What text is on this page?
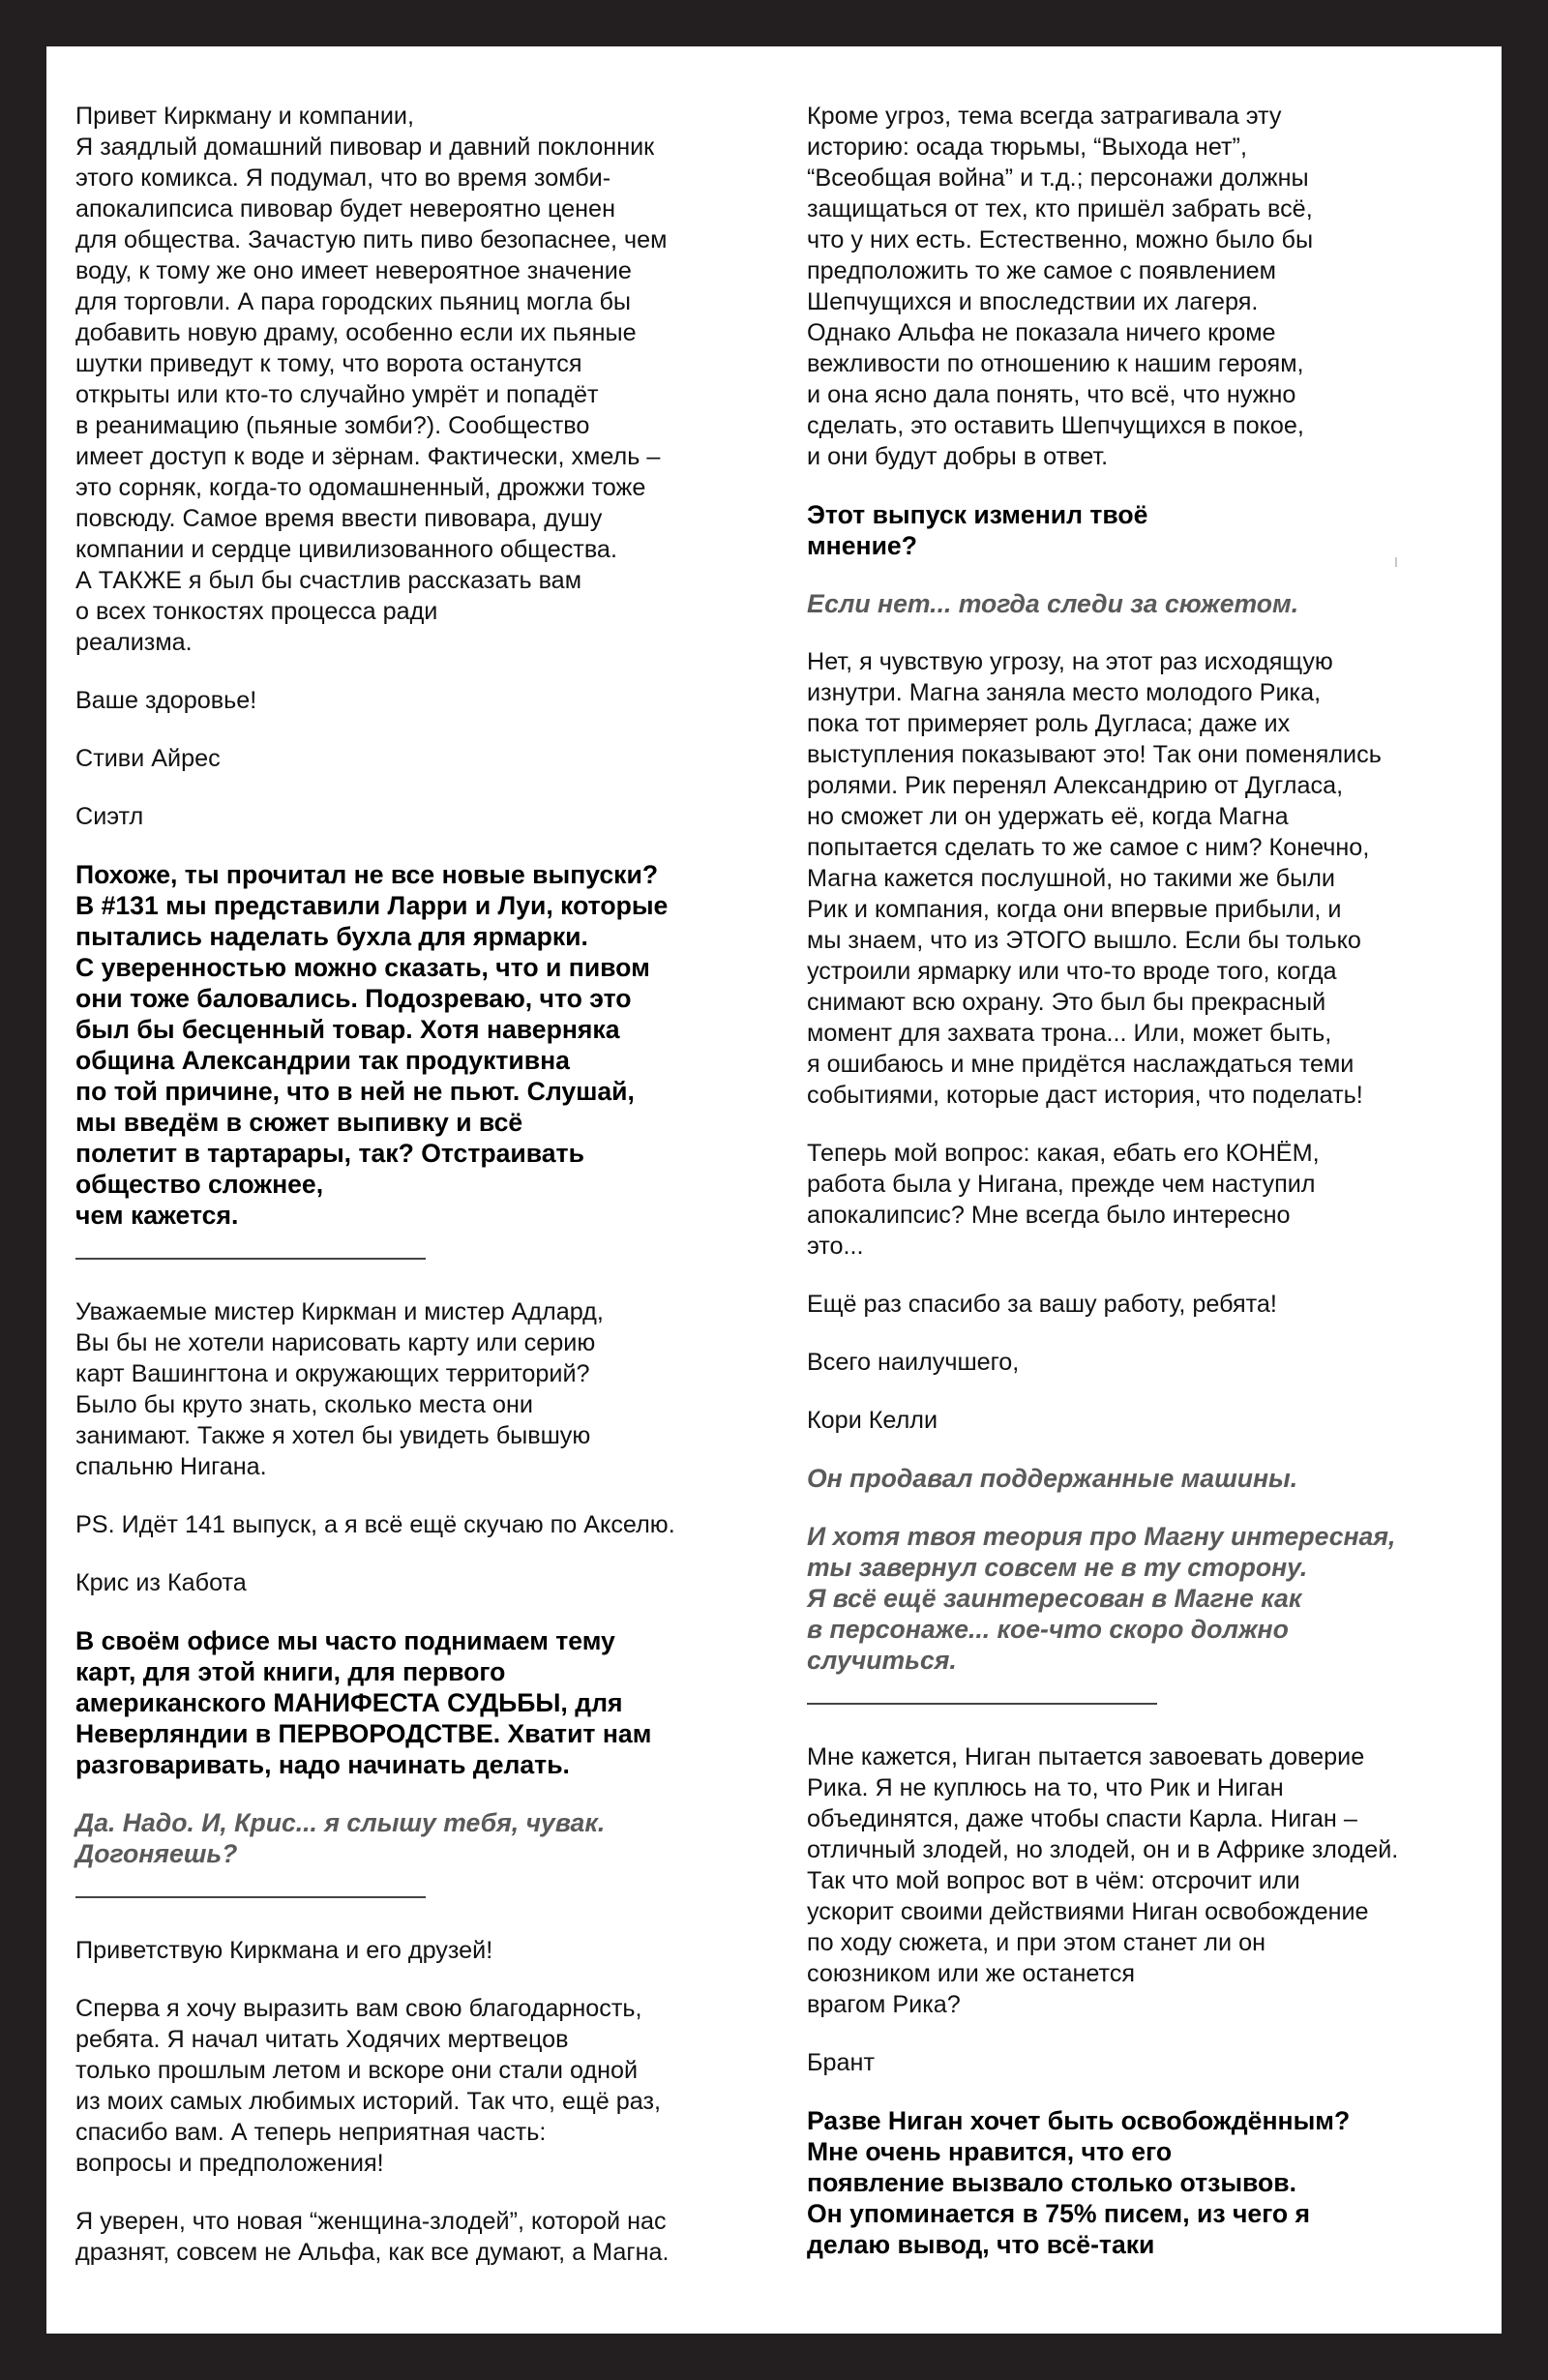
Привет Киркману и компании,
Я заядлый домашний пивовар и давний поклонник
этого комикса. Я подумал, что во время зомби-
апокалипсиса пивовар будет невероятно ценен
для общества. Зачастую пить пиво безопаснее, чем
воду, к тому же оно имеет невероятное значение
для торговли. А пара городских пьяниц могла бы
добавить новую драму, особенно если их пьяные
шутки приведут к тому, что ворота останутся
открыты или кто-то случайно умрёт и попадёт
в реанимацию (пьяные зомби?). Сообщество
имеет доступ к воде и зёрнам. Фактически, хмель –
это сорняк, когда-то одомашненный, дрожжи тоже
повсюду. Самое время ввести пивовара, душу
компании и сердце цивилизованного общества.
А ТАКЖЕ я был бы счастлив рассказать вам
о всех тонкостях процесса ради
реализма.
Ваше здоровье!
Стиви Айрес
Сиэтл
Похоже, ты прочитал не все новые выпуски?
В #131 мы представили Ларри и Луи, которые
пытались наделать бухла для ярмарки.
С уверенностью можно сказать, что и пивом
они тоже баловались. Подозреваю, что это
был бы бесценный товар. Хотя наверняка
община Александрии так продуктивна
по той причине, что в ней не пьют. Слушай,
мы введём в сюжет выпивку и всё
полетит в тартарары, так? Отстраивать
общество сложнее,
чем кажется.
Уважаемые мистер Киркман и мистер Адлард,
Вы бы не хотели нарисовать карту или серию
карт Вашингтона и окружающих территорий?
Было бы круто знать, сколько места они
занимают. Также я хотел бы увидеть бывшую
спальню Нигана.
PS. Идёт 141 выпуск, а я всё ещё скучаю по Акселю.
Крис из Кабота
В своём офисе мы часто поднимаем тему
карт, для этой книги, для первого
американского МАНИФЕСТА СУДЬБЫ, для
Неверляндии в ПЕРВОРОДСТВЕ. Хватит нам
разговаривать, надо начинать делать.
Да. Надо. И, Крис... я слышу тебя, чувак.
Догоняешь?
Приветствую Киркмана и его друзей!
Сперва я хочу выразить вам свою благодарность,
ребята. Я начал читать Ходячих мертвецов
только прошлым летом и вскоре они стали одной
из моих самых любимых историй. Так что, ещё раз,
спасибо вам. А теперь неприятная часть:
вопросы и предположения!
Я уверен, что новая “женщина-злодей”, которой нас
дразнят, совсем не Альфа, как все думают, а Магна.
Кроме угроз, тема всегда затрагивала эту
историю: осада тюрьмы, “Выхода нет”,
“Всеобщая война” и т.д.; персонажи должны
защищаться от тех, кто пришёл забрать всё,
что у них есть. Естественно, можно было бы
предположить то же самое с появлением
Шепчущихся и впоследствии их лагеря.
Однако Альфа не показала ничего кроме
вежливости по отношению к нашим героям,
и она ясно дала понять, что всё, что нужно
сделать, это оставить Шепчущихся в покое,
и они будут добры в ответ.
Этот выпуск изменил твоё
мнение?
Если нет... тогда следи за сюжетом.
Нет, я чувствую угрозу, на этот раз исходящую
изнутри. Магна заняла место молодого Рика,
пока тот примеряет роль Дугласа; даже их
выступления показывают это! Так они поменялись
ролями. Рик перенял Александрию от Дугласа,
но сможет ли он удержать её, когда Магна
попытается сделать то же самое с ним? Конечно,
Магна кажется послушной, но такими же были
Рик и компания, когда они впервые прибыли, и
мы знаем, что из ЭТОГО вышло. Если бы только
устроили ярмарку или что-то вроде того, когда
снимают всю охрану. Это был бы прекрасный
момент для захвата трона... Или, может быть,
я ошибаюсь и мне придётся наслаждаться теми
событиями, которые даст история, что поделать!
Теперь мой вопрос: какая, ебать его КОНЁМ,
работа была у Нигана, прежде чем наступил
апокалипсис? Мне всегда было интересно
это...
Ещё раз спасибо за вашу работу, ребята!
Всего наилучшего,
Кори Келли
Он продавал поддержанные машины.
И хотя твоя теория про Магну интересная,
ты завернул совсем не в ту сторону.
Я всё ещё заинтересован в Магне как
в персонаже... кое-что скоро должно
случиться.
Мне кажется, Ниган пытается завоевать доверие
Рика. Я не куплюсь на то, что Рик и Ниган
объединятся, даже чтобы спасти Карла. Ниган –
отличный злодей, но злодей, он и в Африке злодей.
Так что мой вопрос вот в чём: отсрочит или
ускорит своими действиями Ниган освобождение
по ходу сюжета, и при этом станет ли он
союзником или же останется
врагом Рика?
Брант
Разве Ниган хочет быть освобождённым?
Мне очень нравится, что его
появление вызвало столько отзывов.
Он упоминается в 75% писем, из чего я
делаю вывод, что всё-таки
